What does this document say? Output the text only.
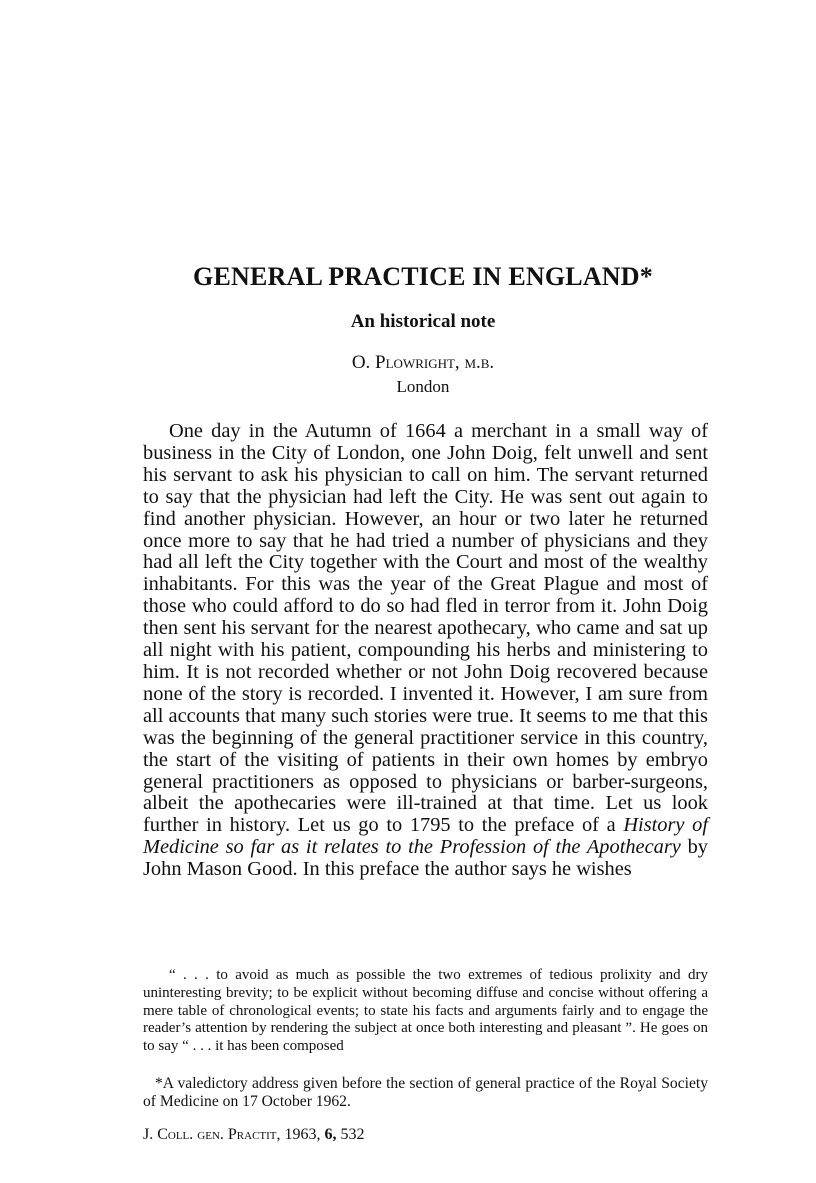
GENERAL PRACTICE IN ENGLAND*
An historical note
O. Plowright, m.b.
London

One day in the Autumn of 1664 a merchant in a small way of business in the City of London, one John Doig, felt unwell and sent his servant to ask his physician to call on him. The servant returned to say that the physician had left the City. He was sent out again to find another physician. However, an hour or two later he returned once more to say that he had tried a number of physicians and they had all left the City together with the Court and most of the wealthy inhabitants. For this was the year of the Great Plague and most of those who could afford to do so had fled in terror from it. John Doig then sent his servant for the nearest apothecary, who came and sat up all night with his patient, compounding his herbs and ministering to him. It is not recorded whether or not John Doig recovered because none of the story is recorded. I invented it. However, I am sure from all accounts that many such stories were true. It seems to me that this was the beginning of the general practitioner service in this country, the start of the visiting of patients in their own homes by embryo general practitioners as opposed to physicians or barber-surgeons, albeit the apothecaries were ill-trained at that time. Let us look further in history. Let us go to 1795 to the preface of a History of Medicine so far as it relates to the Profession of the Apothecary by John Mason Good. In this preface the author says he wishes

“ . . . to avoid as much as possible the two extremes of tedious prolixity and dry uninteresting brevity; to be explicit without becoming diffuse and concise without offering a mere table of chronological events; to state his facts and arguments fairly and to engage the reader’s attention by rendering the subject at once both interesting and pleasant ”. He goes on to say “ . . . it has been composed

*A valedictory address given before the section of general practice of the Royal Society of Medicine on 17 October 1962.

J. Coll. gen. Practit, 1963, 6, 532
